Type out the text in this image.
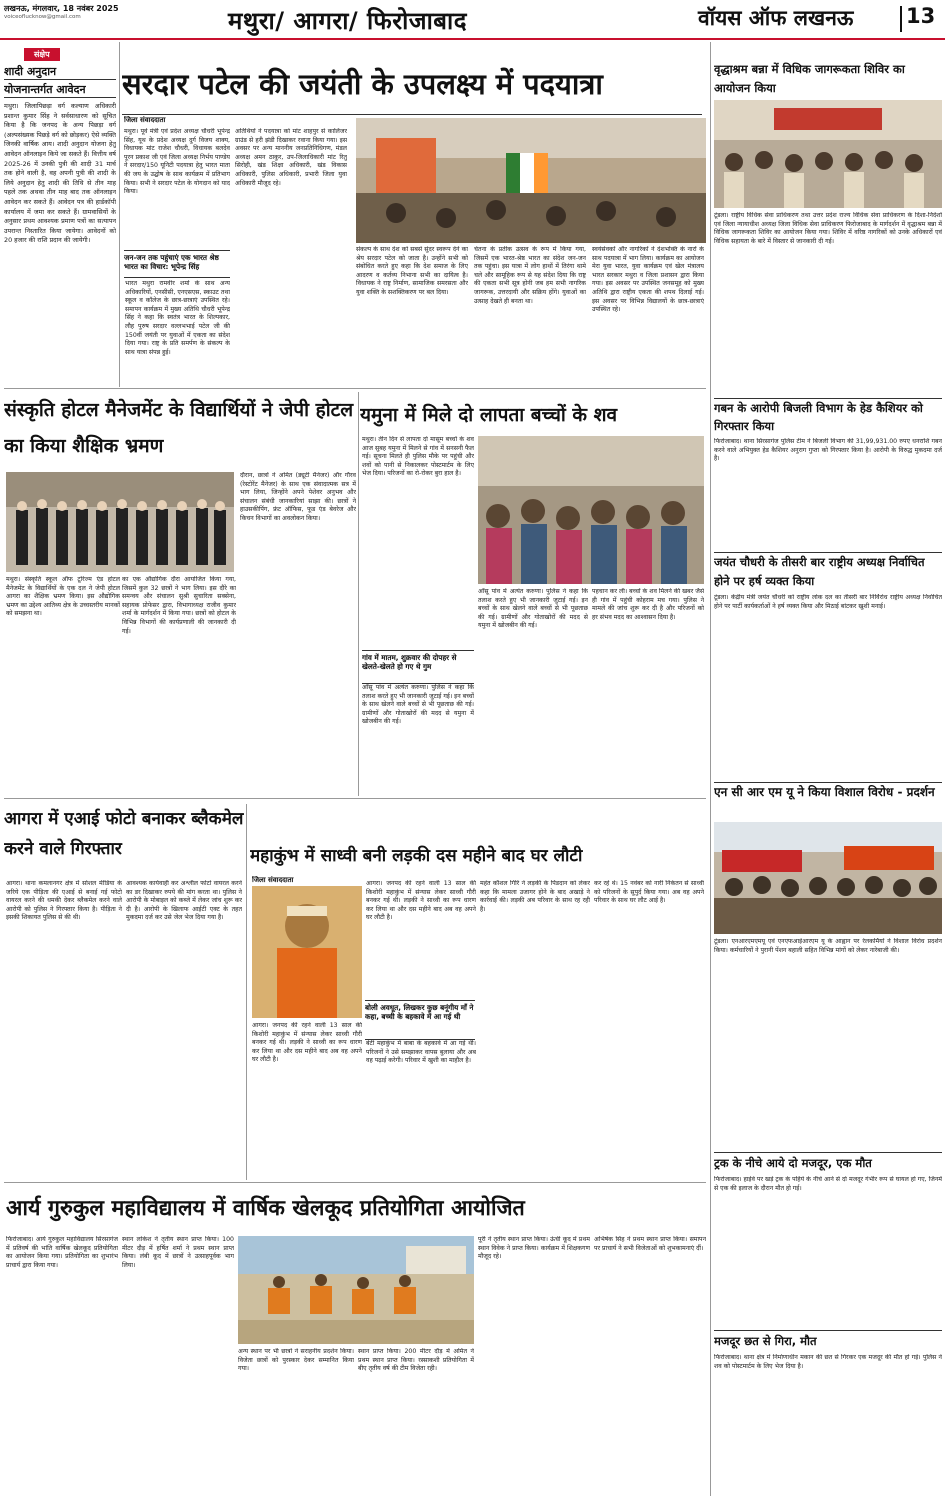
लखनऊ, मंगलवार, 18 नवंबर 2025
voiceoflucknow@gmail.com	मथुरा/ आगरा/ फिरोजाबाद	वॉयस ऑफ लखनऊ	13
संक्षेप
शादी अनुदान
योजनान्तर्गत आवेदन
मथुरा। जिलापिछड़ा वर्ग कल्याण अधिकारी प्रशान्त कुमार सिंह ने सर्वसाधारण को सूचित किया है कि जनपद के अन्य पिछड़ा वर्ग (अल्पसंख्यक पिछड़े वर्ग को छोड़कर) ऐसे व्यक्ति जिनकी वार्षिक आय। शादी अनुदान योजना हेतु आवेदन ऑनलाइन किये जा सकते हैं। वित्तीय वर्ष 2025-26 में उनकी पुत्री की शादी 31 मार्च तक होने वाली है, वह अपनी पुत्री की शादी के लिये अनुदान हेतु शादी की तिथि से तीन माह पहले तक अथवा तीन माह बाद तक ऑनलाइन आवेदन कर सकते हैं। आवेदन पत्र की हार्डकॉपी कार्यालय में जमा कर सकते हैं। ग्रामवासियों के अनुसार प्रथम आवश्यक प्रमाण पत्रों का सत्यापन उपरान्त निस्तारित किया जायेगा। आवेदनों को 20 हजार की राशि प्रदान की जायेगी।
सरदार पटेल की जयंती के उपलक्ष्य में पदयात्रा
जिला संवाददाता
मथुरा। पूर्व मंत्री एवं प्रदेश अध्यक्ष चौधरी भूपेन्द्र सिंह, यूथ के प्रदेश अध्यक्ष दुर्ग विजय शाक्य, विधायक मांट राजेश चौधरी, विधायक बलदेव पूरन प्रकाश जी एवं जिला अध्यक्ष निर्भय पाण्डेय ने सरदार/150 यूनिटी पदयात्रा हेतु भारत माता की जय के उद्घोष के साथ कार्यक्रम में प्रतिभाग किया। सभी ने सरदार पटेल के योगदान को याद किया।
जन-जन तक पहुंचाएं एक भारत श्रेष्ठ भारत का विचार: भूपेन्द्र सिंह
अतिथियों ने पदयात्रा को मांट शाहपुर से कालिंजर ग्राउंड से हरी झंडी दिखाकर रवाना किया गया। इस अवसर पर अन्य माननीय जनप्रतिनिधिगण, मंडल अध्यक्ष अमन ठाकुर, उप-जिलाधिकारी मांट रितु सिरोही, खंड शिक्षा अधिकारी, खंड विकास अधिकारी, पुलिस अधिकारी, प्रभारी जिला युवा अधिकारी मौजूद रहे।
भारत मथुरा रामवीर शर्मा के साथ अन्य अधिकारियों, एनसीसी, एनएसएस, स्काउट तथा स्कूल व कॉलेज के छात्र-छात्राएं उपस्थित रहे। समापन कार्यक्रम में मुख्य अतिथि चौधरी भूपेन्द्र सिंह ने कहा कि स्वतंत्र भारत के शिल्पकार, लौह पुरुष सरदार वल्लभभाई पटेल जी की 150वीं जयंती पर युवाओं में एकता का संदेश दिया गया। राष्ट्र के प्रति समर्पण के संकल्प के साथ यात्रा संपन्न हुई।
संकल्प के साथ देश को सबसे सुंदर स्वरूप देने का श्रेय सरदार पटेल को जाता है। उन्होंने सभी को संबोधित करते हुए कहा कि देश समाज के लिए आदरण व कर्तव्य निभाना सभी का दायित्व है। विधायक ने राष्ट्र निर्माण, सामाजिक समरसता और युवा शक्ति के सशक्तिकरण पर बल दिया।
चेतना के प्रतीक उत्सव के रूप में किया गया, जिसमें एक भारत-श्रेष्ठ भारत का संदेश जन-जन तक पहुंचा। इस यात्रा में लोग हाथों में तिरंगा थामे चले और सामूहिक रूप से यह संदेश दिया कि राष्ट्र की एकता सभी सूत्र होनी जब हम सभी नागरिक जागरूक, उत्तरदायी और सक्रिय होंगे। युवाओं का उत्साह देखते ही बनता था।
स्वयंसेवकों और नागरिकों ने देशभक्ति के नारों के साथ पदयात्रा में भाग लिया। कार्यक्रम का आयोजन मेरा युवा भारत, युवा कार्यक्रम एवं खेल मंत्रालय भारत सरकार मथुरा व जिला प्रशासन द्वारा किया गया। इस अवसर पर उपस्थित जनसमूह को मुख्य अतिथि द्वारा राष्ट्रीय एकता की शपथ दिलाई गई। इस अवसर पर विभिन्न विद्यालयों के छात्र-छात्राएं उपस्थित रहे।
संस्कृति होटल मैनेजमेंट के विद्यार्थियों ने जेपी होटल का किया शैक्षिक भ्रमण
मथुरा। संस्कृति स्कूल ऑफ टूरिज्म एंड होटल मैनेजमेंट के विद्यार्थियों के एक दल ने जेपी होटल आगरा का शैक्षिक भ्रमण किया। इस औद्योगिक भ्रमण का उद्देश्य आतिथ्य क्षेत्र के उच्चस्तरीय मानकों को समझना था।
का एक औद्योगिक दौरा आयोजित किया गया, जिसमें कुल 32 छात्रों ने भाग लिया। इस दौरे का समन्वय और संचालन सुश्री सुचारिता सक्सेना, सहायक प्रोफेसर द्वारा, विभागाध्यक्ष राजीव कुमार शर्मा के मार्गदर्शन में किया गया। छात्रों को होटल के विभिन्न विभागों की कार्यप्रणाली की जानकारी दी गई।
दौरान, छात्रों ने अमित (ड्यूटी मैनेजर) और गौरव (रेस्टोरेंट मैनेजर) के साथ एक संवादात्मक सत्र में भाग लिया, जिन्होंने अपने पेशेवर अनुभव और संचालन संबंधी जानकारियां साझा की। छात्रों ने हाउसकीपिंग, फ्रंट ऑफिस, फूड एंड बेवरेज और किचन विभागों का अवलोकन किया।
यमुना में मिले दो लापता बच्चों के शव
मथुरा। तीन दिन से लापता दो मासूम बच्चों के शव आज सुबह यमुना में मिलने से गांव में सनसनी फैल गई। सूचना मिलते ही पुलिस मौके पर पहुंची और शवों को पानी से निकालकर पोस्टमार्टम के लिए भेज दिया। परिजनों का रो-रोकर बुरा हाल है।
गांव में मातम, शुक्रवार की दोपहर से खेलते-खेलते हो गए थे गुम
आँसू पांव में अत्यंत करुणा। पुलिस ने कहा कि तलाश करते हुए भी जानकारी जुटाई गई। इन बच्चों के साथ खेलने वाले बच्चों से भी पूछताछ की गई। ग्रामीणों और गोताखोरों की मदद से यमुना में खोजबीन की गई।
पहचान कर ली। बच्चों के शव मिलने की खबर जैसे ही गांव में पहुंची कोहराम मच गया। पुलिस ने मामले की जांच शुरू कर दी है और परिजनों को हर संभव मदद का आश्वासन दिया है।
आँसू पांव में अत्यंत करुणा। पुलिस ने कहा कि तलाश करते हुए भी जानकारी जुटाई गई। इन बच्चों के साथ खेलने वाले बच्चों से भी पूछताछ की गई। ग्रामीणों और गोताखोरों की मदद से यमुना में खोजबीन की गई।
आगरा में एआई फोटो बनाकर ब्लैकमेल करने वाले गिरफ्तार
आगरा। थाना कमलानगर क्षेत्र में सोशल मीडिया के जरिये एक पीड़िता की एआई से बनाई गई फोटो वायरल करने की धमकी देकर ब्लैकमेल करने वाले आरोपी को पुलिस ने गिरफ्तार किया है। पीड़िता ने इसकी शिकायत पुलिस से की थी।
आवश्यक कार्यवाही कर अश्लील फोटो वायरल करने का डर दिखाकर रुपये की मांग करता था। पुलिस ने आरोपी के मोबाइल को कब्जे में लेकर जांच शुरू कर दी है। आरोपी के खिलाफ आईटी एक्ट के तहत मुकदमा दर्ज कर उसे जेल भेज दिया गया है।
महाकुंभ में साध्वी बनी लड़की दस महीने बाद घर लौटी
जिला संवाददाता
बोली अवधूत, लिखकर कुछ बनूंगीय माँ ने कहा, बच्ची के बहकावे में आ गई थी
आगरा। जनपद की रहने वाली 13 साल की किशोरी महाकुंभ में संन्यास लेकर साध्वी गौरी बनकर गई थी। लड़की ने साध्वी का रूप धारण कर लिया था और दस महीने बाद अब वह अपने घर लौटी है।
आगरा। जनपद की रहने वाली 13 साल की किशोरी महाकुंभ में संन्यास लेकर साध्वी गौरी बनकर गई थी। लड़की ने साध्वी का रूप धारण कर लिया था और दस महीने बाद अब वह अपने घर लौटी है।
बेटी महाकुंभ में बाबा के बहकावे में आ गई थी। परिजनों ने उसे समझाकर वापस बुलाया और अब वह पढ़ाई करेगी। परिवार में खुशी का माहौल है।
महंत कौशल गिरि ने लड़की के पिंडदान को लेकर कहा कि मामला उजागर होने के बाद अखाड़े ने कार्रवाई की। लड़की अब परिवार के साथ रह रही है।
कर रहे थे। 15 नवंबर को नारी निकेतन से साध्वी को परिजनों के सुपुर्द किया गया। अब वह अपने परिवार के साथ घर लौट आई है।
आर्य गुरुकुल महाविद्यालय में वार्षिक खेलकूद प्रतियोगिता आयोजित
फिरोजाबाद। आर्य गुरुकुल महाविद्यालय सिरसागंज में प्रतिवर्ष की भांति वार्षिक खेलकूद प्रतियोगिता का आयोजन किया गया। प्रतियोगिता का शुभारंभ प्राचार्य द्वारा किया गया।
स्थान लोकेश ने तृतीय स्थान प्राप्त किया। 100 मीटर दौड़ में हर्षित शर्मा ने प्रथम स्थान प्राप्त किया। लंबी कूद में छात्रों ने उत्साहपूर्वक भाग लिया।
अन्य स्थान पर भी छात्रों ने सराहनीय प्रदर्शन किया। विजेता छात्रों को पुरस्कार देकर सम्मानित किया गया।
स्थान प्राप्त किया। 200 मीटर दौड़ में अमित ने प्रथम स्थान प्राप्त किया। रस्साकशी प्रतियोगिता में बीए तृतीय वर्ष की टीम विजेता रही।
पूरी ने तृतीय स्थान प्राप्त किया। ऊंची कूद में प्रथम स्थान विवेक ने प्राप्त किया। कार्यक्रम में शिक्षकगण मौजूद रहे।
अभिषेक सिंह ने प्रथम स्थान प्राप्त किया। समापन पर प्राचार्य ने सभी विजेताओं को शुभकामनाएं दीं।
वृद्धाश्रम बन्ना में विधिक जागरूकता शिविर का आयोजन किया
टूंडला। राष्ट्रीय विधिक सेवा प्राधिकरण तथा उत्तर प्रदेश राज्य विधिक सेवा प्राधिकरण के दिशा-निर्देशों एवं जिला न्यायाधीश अध्यक्ष जिला विधिक सेवा प्राधिकरण फिरोजाबाद के मार्गदर्शन में वृद्धाश्रम बन्ना में विधिक जागरूकता शिविर का आयोजन किया गया। शिविर में वरिष्ठ नागरिकों को उनके अधिकारों एवं विधिक सहायता के बारे में विस्तार से जानकारी दी गई।
गबन के आरोपी बिजली विभाग के हेड कैशियर को गिरफ्तार किया
फिरोजाबाद। थाना सिरसागंज पुलिस टीम ने बिजली विभाग की 31,99,931.00 रुपए धनराशि गबन करने वाले अभियुक्त हेड कैशियर अनुराग गुप्ता को गिरफ्तार किया है। आरोपी के विरुद्ध मुकदमा दर्ज है।
जयंत चौधरी के तीसरी बार राष्ट्रीय अध्यक्ष निर्वाचित होने पर हर्ष व्यक्त किया
टूंडला। केंद्रीय मंत्री जयंत चौधरी को राष्ट्रीय लोक दल का तीसरी बार निर्विरोध राष्ट्रीय अध्यक्ष निर्वाचित होने पर पार्टी कार्यकर्ताओं ने हर्ष व्यक्त किया और मिठाई बांटकर खुशी मनाई।
एन सी आर एम यू ने किया विशाल विरोध - प्रदर्शन
टूंडला। एनआरएमएमयू एवं एनएफआईआरएम यू के आह्वान पर रेलकर्मियों ने विशाल विरोध प्रदर्शन किया। कर्मचारियों ने पुरानी पेंशन बहाली सहित विभिन्न मांगों को लेकर नारेबाजी की।
ट्रक के नीचे आये दो मजदूर, एक मौत
फिरोजाबाद। हाईवे पर खड़े ट्रक के पहिये के नीचे आने से दो मजदूर गंभीर रूप से घायल हो गए, जिनमें से एक की इलाज के दौरान मौत हो गई।
मजदूर छत से गिरा, मौत
फिरोजाबाद। थाना क्षेत्र में निर्माणाधीन मकान की छत से गिरकर एक मजदूर की मौत हो गई। पुलिस ने शव को पोस्टमार्टम के लिए भेज दिया है।
